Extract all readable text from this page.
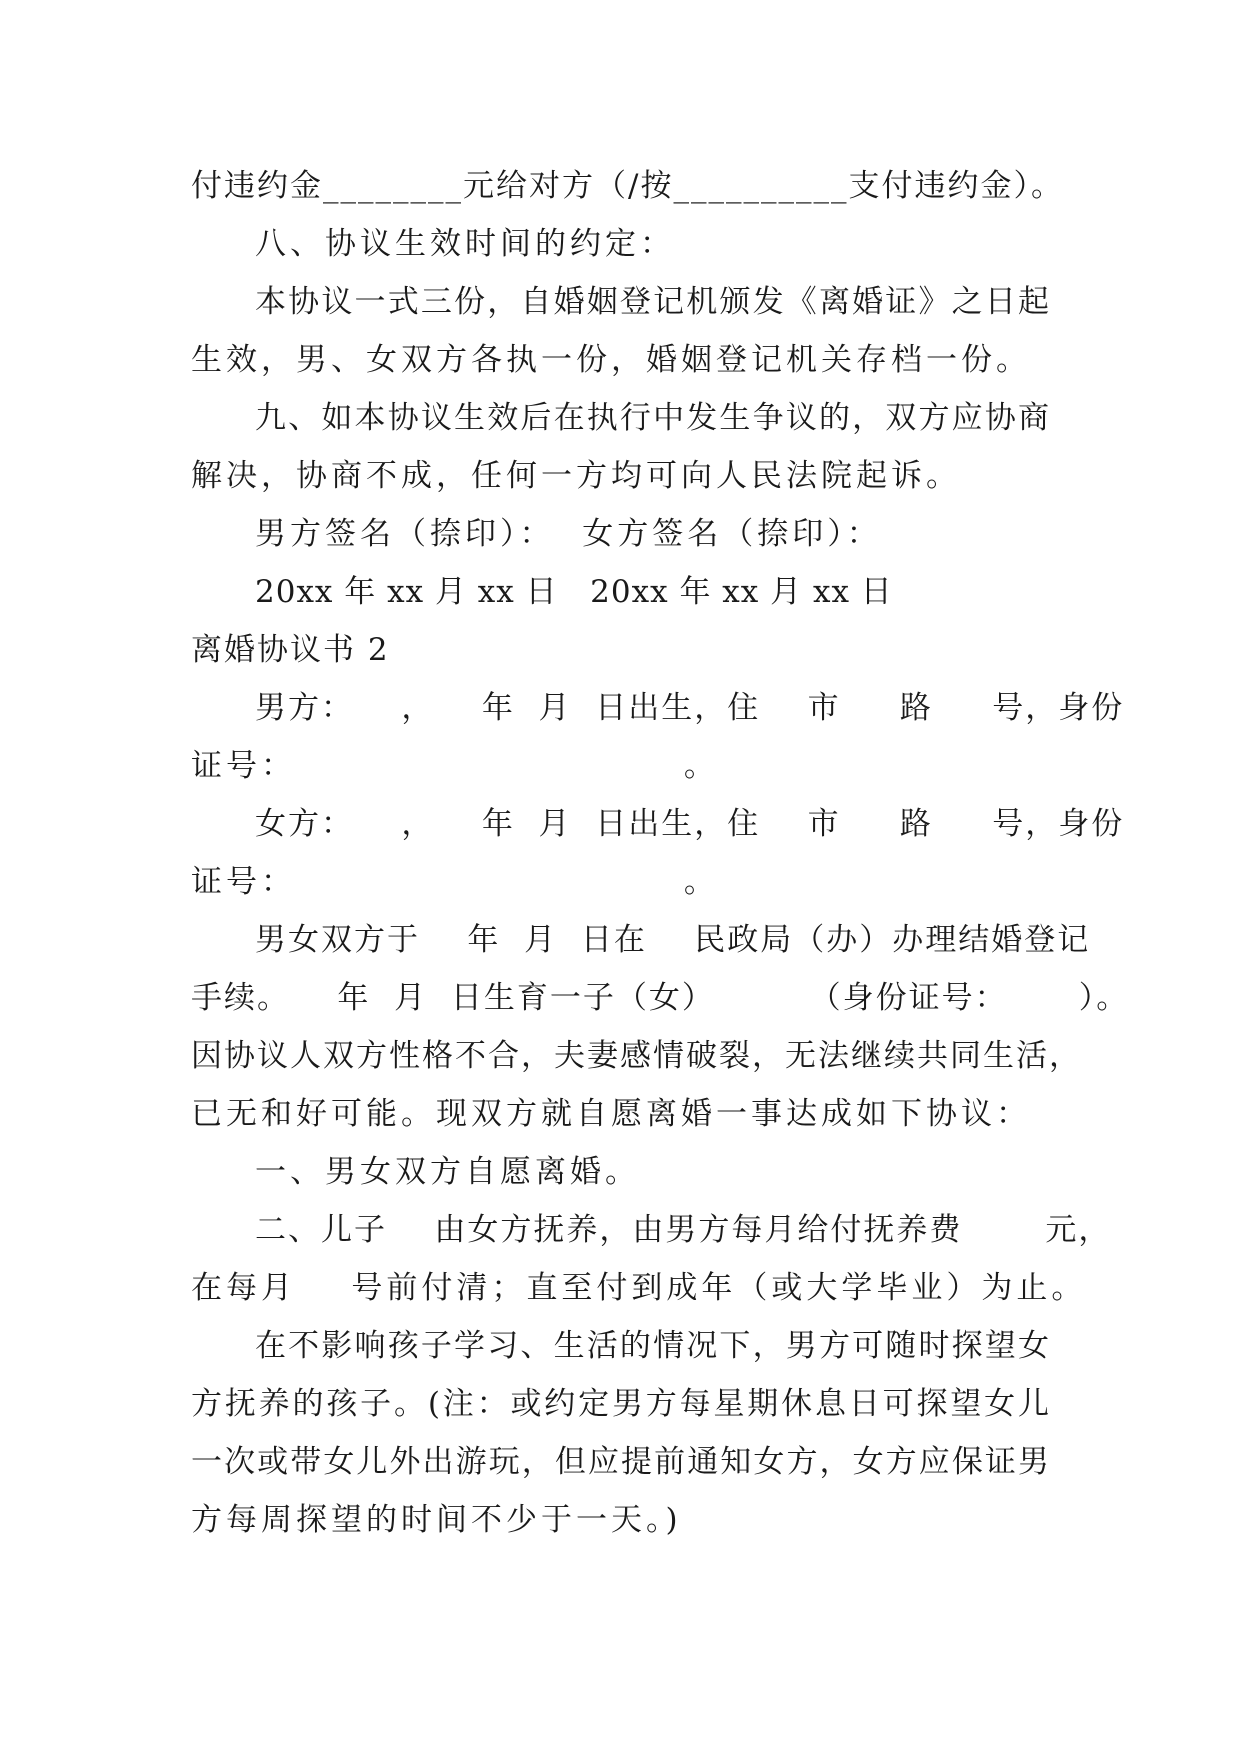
付违约金________元给对方（/按__________支付违约金）。
八、协议生效时间的约定：
本协议一式三份，自婚姻登记机颁发《离婚证》之日起
生效，男、女双方各执一份，婚姻登记机关存档一份。
九、如本协议生效后在执行中发生争议的，双方应协商
解决，协商不成，任何一方均可向人民法院起诉。
男方签名（捺印）：  女方签名（捺印）：
20xx 年 xx 月 xx 日   20xx 年 xx 月 xx 日
离婚协议书 2
男方：    ，    年  月  日出生，住    市     路     号，身份
证号：                            。
女方：    ，    年  月  日出生，住    市     路     号，身份
证号：                            。
男女双方于    年  月  日在    民政局（办）办理结婚登记
手续。    年  月  日生育一子（女）        （身份证号：      ）。
因协议人双方性格不合，夫妻感情破裂，无法继续共同生活，
已无和好可能。现双方就自愿离婚一事达成如下协议：
一、男女双方自愿离婚。
二、儿子    由女方抚养，由男方每月给付抚养费       元，
在每月    号前付清；直至付到成年（或大学毕业）为止。
在不影响孩子学习、生活的情况下，男方可随时探望女
方抚养的孩子。(注：或约定男方每星期休息日可探望女儿
一次或带女儿外出游玩，但应提前通知女方，女方应保证男
方每周探望的时间不少于一天。)
